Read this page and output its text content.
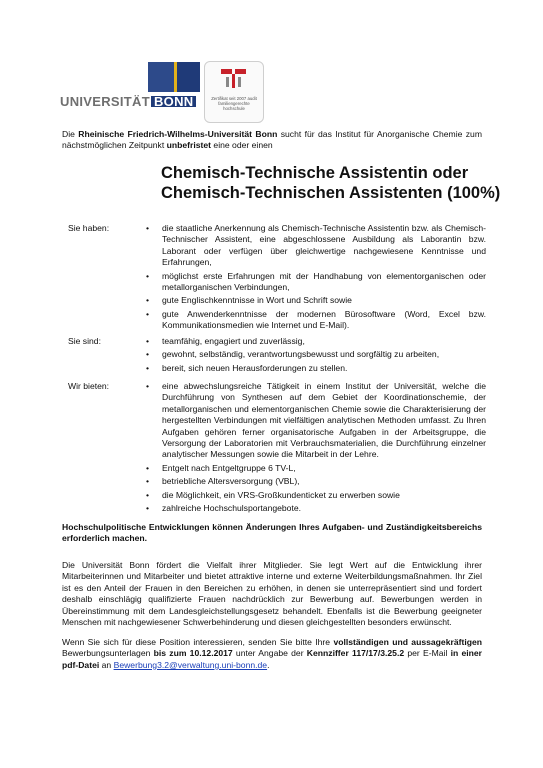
UNIVERSITÄT BONN	Zertifikat seit 2007 audit familiengerechte hochschule
Die Rheinische Friedrich-Wilhelms-Universität Bonn sucht für das Institut für Anorganische Chemie zum nächstmöglichen Zeitpunkt unbefristet eine oder einen
Chemisch-Technische Assistentin oder
Chemisch-Technischen Assistenten (100%)
Sie haben:	• die staatliche Anerkennung als Chemisch-Technische Assistentin bzw. als Chemisch-Technischer Assistent, eine abgeschlossene Ausbildung als Laborantin bzw. Laborant oder verfügen über gleichwertige nachgewiesene Kenntnisse und Erfahrungen,
• möglichst erste Erfahrungen mit der Handhabung von elementorganischen oder metallorganischen Verbindungen,
• gute Englischkenntnisse in Wort und Schrift sowie
• gute Anwenderkenntnisse der modernen Bürosoftware (Word, Excel bzw. Kommunikationsmedien wie Internet und E-Mail).
Sie sind:	• teamfähig, engagiert und zuverlässig,
• gewohnt, selbständig, verantwortungsbewusst und sorgfältig zu arbeiten,
• bereit, sich neuen Herausforderungen zu stellen.
Wir bieten:	• eine abwechslungsreiche Tätigkeit in einem Institut der Universität, welche die Durchführung von Synthesen auf dem Gebiet der Koordinationschemie, der metallorganischen und elementorganischen Chemie sowie die Charakterisierung der hergestellten Verbindungen mit vielfältigen analytischen Methoden umfasst. Zu Ihren Aufgaben gehören ferner organisatorische Aufgaben in der Arbeitsgruppe, die Versorgung der Laboratorien mit Verbrauchsmaterialien, die Durchführung einzelner analytischer Messungen sowie die Mitarbeit in der Lehre.
• Entgelt nach Entgeltgruppe 6 TV-L,
• betriebliche Altersversorgung (VBL),
• die Möglichkeit, ein VRS-Großkundenticket zu erwerben sowie
• zahlreiche Hochschulsportangebote.
Hochschulpolitische Entwicklungen können Änderungen Ihres Aufgaben- und Zuständigkeitsbereichs erforderlich machen.
Die Universität Bonn fördert die Vielfalt ihrer Mitglieder. Sie legt Wert auf die Entwicklung ihrer Mitarbeiterinnen und Mitarbeiter und bietet attraktive interne und externe Weiterbildungsmaßnahmen. Ihr Ziel ist es den Anteil der Frauen in den Bereichen zu erhöhen, in denen sie unterrepräsentiert sind und fordert deshalb einschlägig qualifizierte Frauen nachdrücklich zur Bewerbung auf. Bewerbungen werden in Übereinstimmung mit dem Landesgleichstellungsgesetz behandelt. Ebenfalls ist die Bewerbung geeigneter Menschen mit nachgewiesener Schwerbehinderung und diesen gleichgestellten besonders erwünscht.
Wenn Sie sich für diese Position interessieren, senden Sie bitte Ihre vollständigen und aussagekräftigen Bewerbungsunterlagen bis zum 10.12.2017 unter Angabe der Kennziffer 117/17/3.25.2 per E-Mail in einer pdf-Datei an Bewerbung3.2@verwaltung.uni-bonn.de.
